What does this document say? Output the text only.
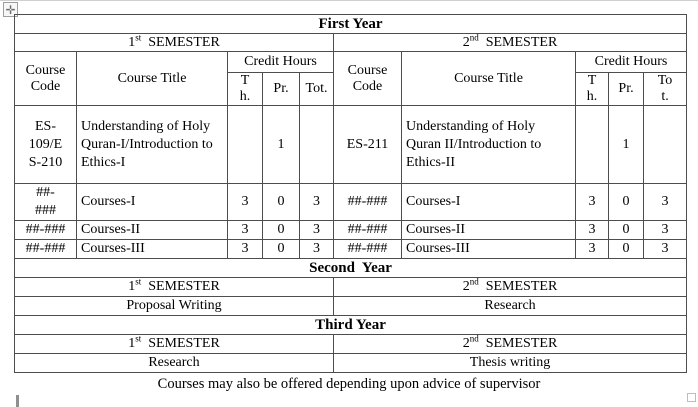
✛
First Year									
1st SEMESTER					2nd SEMESTER				
Course Code	Course Title	Credit Hours			Course Code	Course Title	Credit Hours		
		Th.	Pr.	Tot.			Th.	Pr.	Tot.
ES-109/ES-210	Understanding of Holy Quran-I/Introduction to Ethics-I		1		ES-211	Understanding of Holy Quran II/Introduction to Ethics-II		1	
##-###	Courses-I	3	0	3	##-###	Courses-I	3	0	3
##-###	Courses-II	3	0	3	##-###	Courses-II	3	0	3
##-###	Courses-III	3	0	3	##-###	Courses-III	3	0	3
Second  Year									
1st SEMESTER					2nd SEMESTER				
Proposal Writing					Research				
Third Year									
1st SEMESTER					2nd SEMESTER				
Research					Thesis writing				
Courses may also be offered depending upon advice of supervisor
